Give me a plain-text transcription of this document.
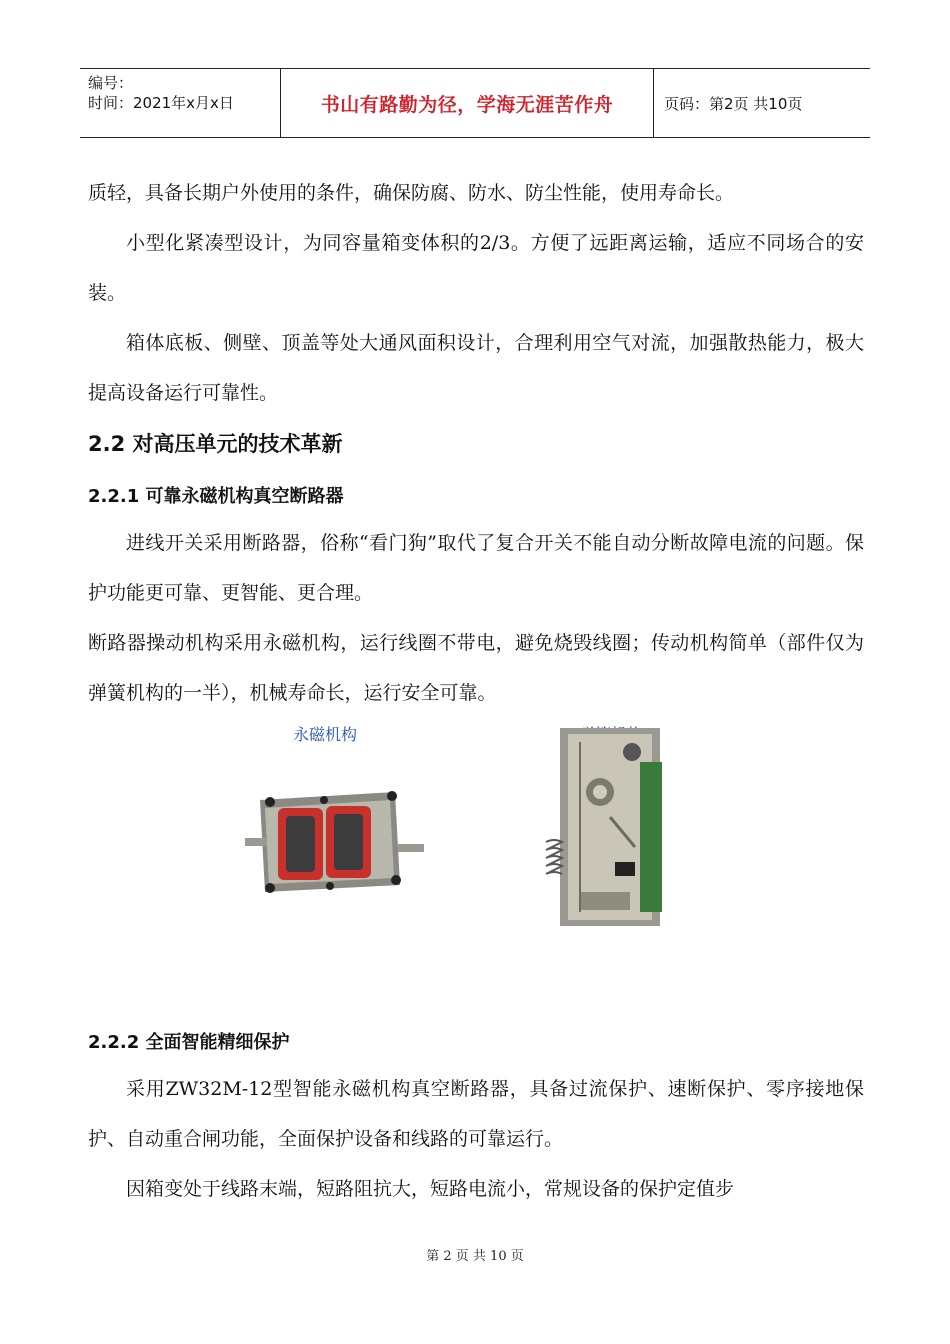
编号：
时间：2021年x月x日	书山有路勤为径，学海无涯苦作舟	页码：第2页 共10页
质轻，具备长期户外使用的条件，确保防腐、防水、防尘性能，使用寿命长。
小型化紧凑型设计，为同容量箱变体积的2/3。方便了远距离运输，适应不同场合的安装。
箱体底板、侧壁、顶盖等处大通风面积设计，合理利用空气对流，加强散热能力，极大提高设备运行可靠性。
2.2 对高压单元的技术革新
2.2.1 可靠永磁机构真空断路器
进线开关采用断路器，俗称“看门狗”取代了复合开关不能自动分断故障电流的问题。保护功能更可靠、更智能、更合理。
断路器操动机构采用永磁机构，运行线圈不带电，避免烧毁线圈；传动机构简单（部件仅为弹簧机构的一半），机械寿命长，运行安全可靠。
永磁机构
2.2.2 全面智能精细保护
采用ZW32M-12型智能永磁机构真空断路器，具备过流保护、速断保护、零序接地保护、自动重合闸功能，全面保护设备和线路的可靠运行。
因箱变处于线路末端，短路阻抗大，短路电流小，常规设备的保护定值步
第 2 页 共 10 页
